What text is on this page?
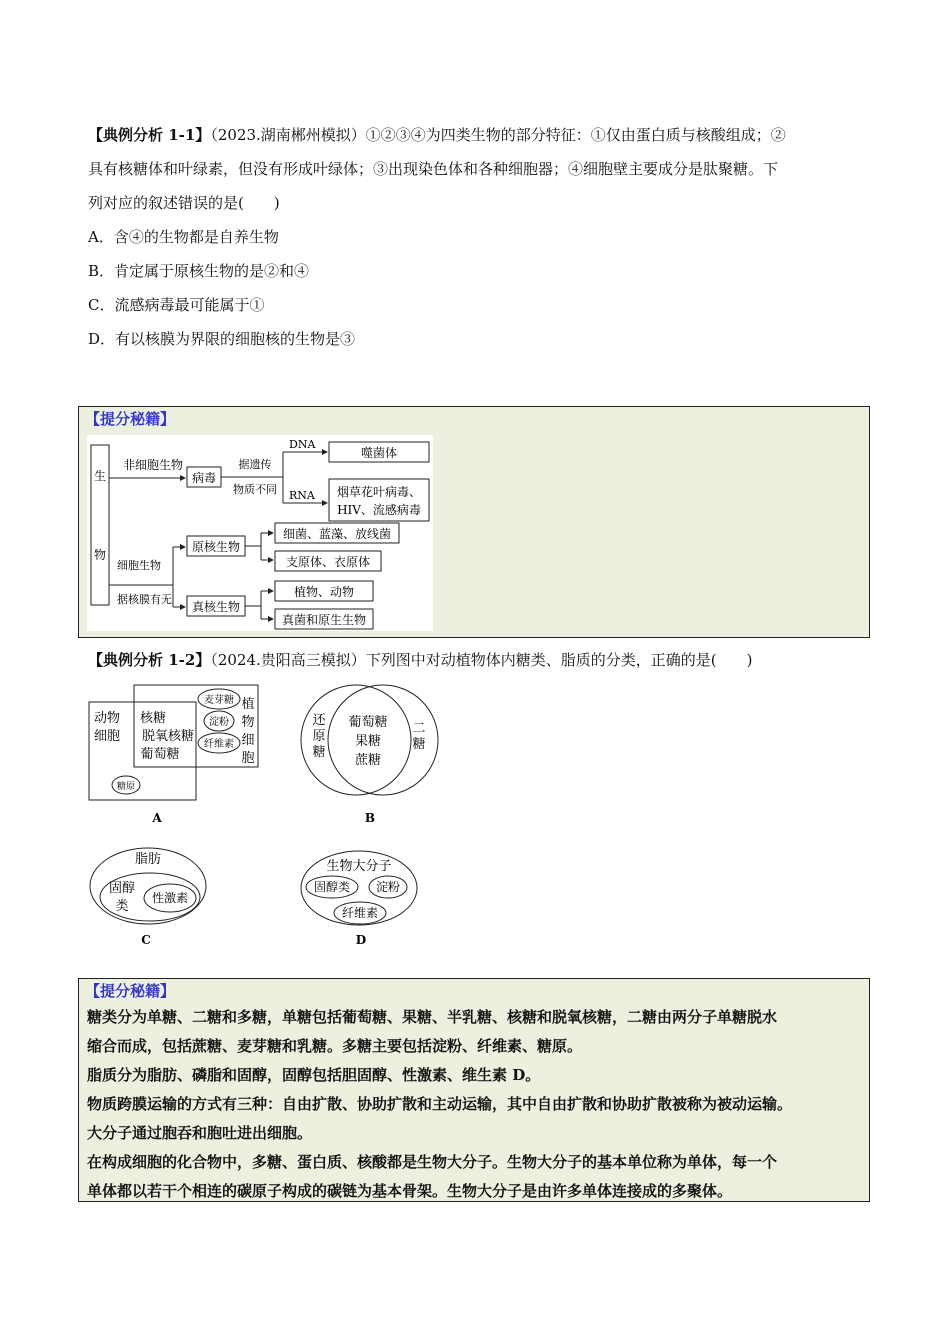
【典例分析 1-1】（2023.湖南郴州模拟）①②③④为四类生物的部分特征：①仅由蛋白质与核酸组成；②
具有核糖体和叶绿素，但没有形成叶绿体；③出现染色体和各种细胞器；④细胞壁主要成分是肽聚糖。下
列对应的叙述错误的是(　　)
A．含④的生物都是自养生物
B．肯定属于原核生物的是②和④
C．流感病毒最可能属于①
D．有以核膜为界限的细胞核的生物是③
【提分秘籍】
生
物
非细胞生物
病毒
据遗传
物质不同
DNA
RNA
噬菌体
烟草花叶病毒、
HIV、流感病毒
细胞生物
据核膜有无
原核生物
细菌、蓝藻、放线菌
支原体、衣原体
真核生物
植物、动物
真菌和原生生物
【典例分析 1-2】（2024.贵阳高三模拟）下列图中对动植物体内糖类、脂质的分类，正确的是(　　)
动物
细胞
核糖
脱氧核糖
葡萄糖
植
物
细
胞
麦芽糖
淀粉
纤维素
糖原
A
还
原
糖
葡萄糖
果糖
蔗糖
二
糖
B
脂肪
固醇
类
性激素
C
生物大分子
固醇类 淀粉
纤维素
D
【提分秘籍】
糖类分为单糖、二糖和多糖，单糖包括葡萄糖、果糖、半乳糖、核糖和脱氧核糖，二糖由两分子单糖脱水
缩合而成，包括蔗糖、麦芽糖和乳糖。多糖主要包括淀粉、纤维素、糖原。
脂质分为脂肪、磷脂和固醇，固醇包括胆固醇、性激素、维生素 D。
物质跨膜运输的方式有三种：自由扩散、协助扩散和主动运输，其中自由扩散和协助扩散被称为被动运输。
大分子通过胞吞和胞吐进出细胞。
在构成细胞的化合物中，多糖、蛋白质、核酸都是生物大分子。生物大分子的基本单位称为单体，每一个
单体都以若干个相连的碳原子构成的碳链为基本骨架。生物大分子是由许多单体连接成的多聚体。
